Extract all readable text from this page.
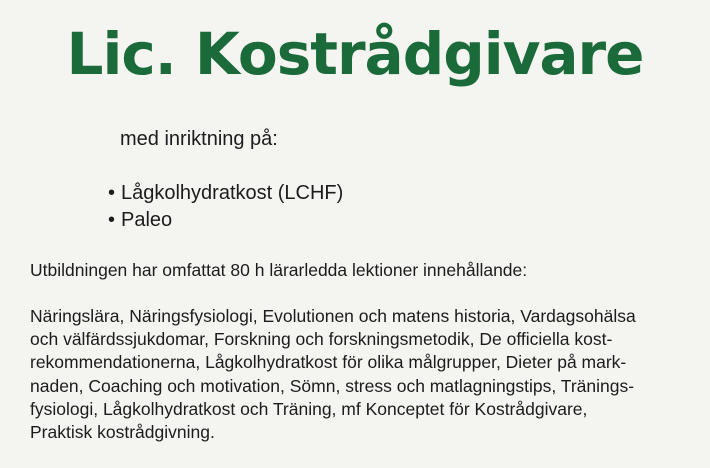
Lic. Kostrådgivare
med inriktning på:
• Lågkolhydratkost (LCHF)
• Paleo
Utbildningen har omfattat 80 h lärarledda lektioner innehållande:

Näringslära, Näringsfysiologi, Evolutionen och matens historia, Vardagsohälsa
och välfärdssjukdomar, Forskning och forskningsmetodik, De officiella kost-
rekommendationerna, Lågkolhydratkost för olika målgrupper, Dieter på mark-
naden, Coaching och motivation, Sömn, stress och matlagningstips, Tränings-
fysiologi, Lågkolhydratkost och Träning, mf Konceptet för Kostrådgivare,
Praktisk kostrådgivning.
